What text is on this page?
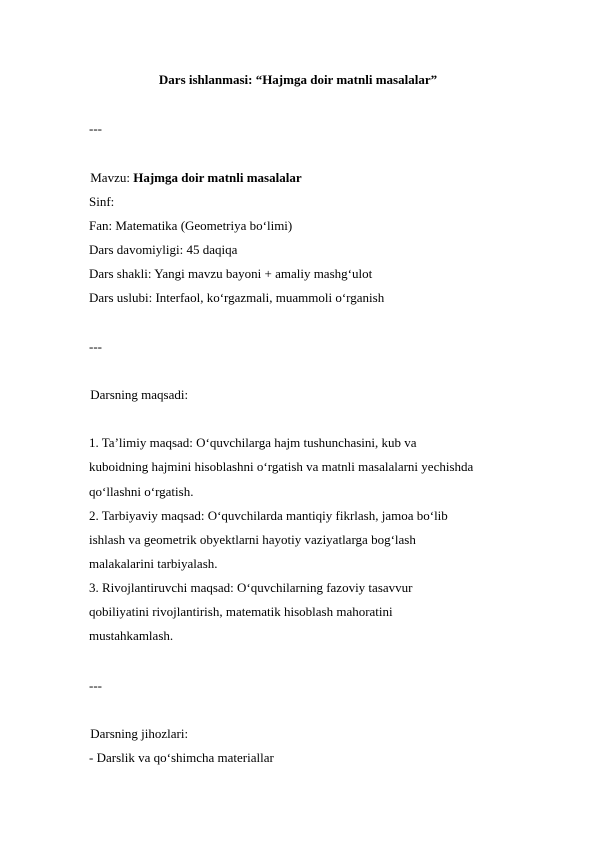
Dars ishlanmasi: “Hajmga doir matnli masalalar”
---
Mavzu: Hajmga doir matnli masalalar
Sinf:
Fan: Matematika (Geometriya bo‘limi)
Dars davomiyligi: 45 daqiqa
Dars shakli: Yangi mavzu bayoni + amaliy mashg‘ulot
Dars uslubi: Interfaol, ko‘rgazmali, muammoli o‘rganish
---
Darsning maqsadi:
1. Ta’limiy maqsad: O‘quvchilarga hajm tushunchasini, kub va
kuboidning hajmini hisoblashni o‘rgatish va matnli masalalarni yechishda
qo‘llashni o‘rgatish.
2. Tarbiyaviy maqsad: O‘quvchilarda mantiqiy fikrlash, jamoa bo‘lib
ishlash va geometrik obyektlarni hayotiy vaziyatlarga bog‘lash
malakalarini tarbiyalash.
3. Rivojlantiruvchi maqsad: O‘quvchilarning fazoviy tasavvur
qobiliyatini rivojlantirish, matematik hisoblash mahoratini
mustahkamlash.
---
Darsning jihozlari:
- Darslik va qo‘shimcha materiallar
